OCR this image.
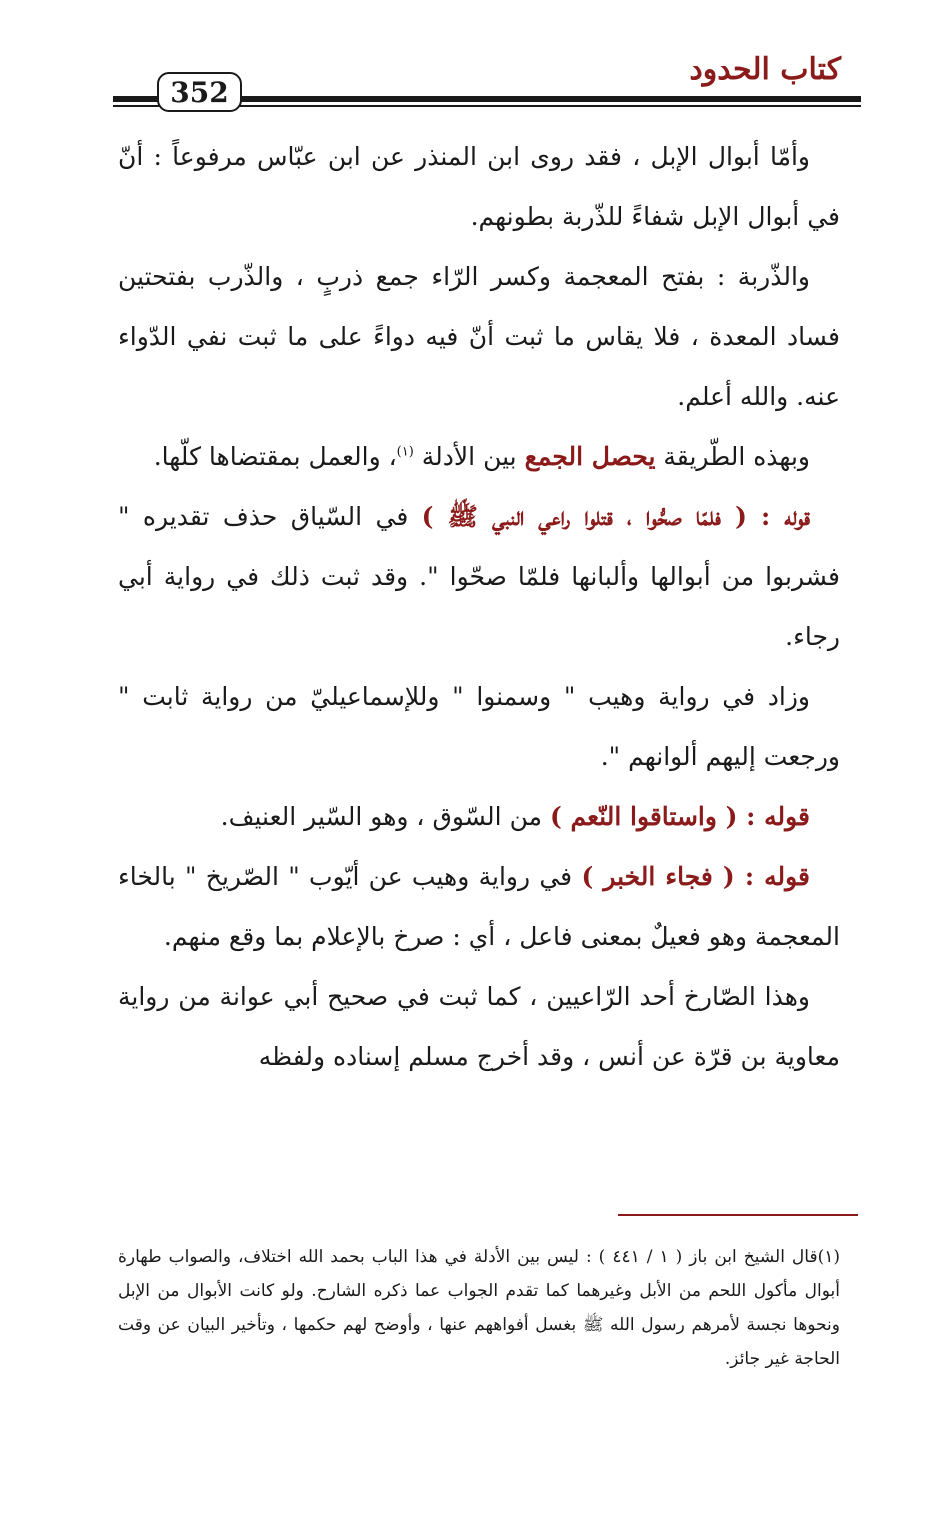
كتاب الحدود
352

وأمّا أبوال الإبل ، فقد روى ابن المنذر عن ابن عبّاس مرفوعاً : أنّ في أبوال الإبل شفاءً للذّربة بطونهم.

والذّربة : بفتح المعجمة وكسر الرّاء جمع ذربٍ ، والذّرب بفتحتين فساد المعدة ، فلا يقاس ما ثبت أنّ فيه دواءً على ما ثبت نفي الدّواء عنه. والله أعلم.

وبهذه الطّريقة يحصل الجمع بين الأدلة $^{(١)}$، والعمل بمقتضاها كلّها.

قوله : ( فلمّا صحُّوا ، قتلوا راعي النبي ﷺ ) في السّياق حذف تقديره " فشربوا من أبوالها وألبانها فلمّا صحّوا ". وقد ثبت ذلك في رواية أبي رجاء.

وزاد في رواية وهيب " وسمنوا " وللإسماعيليّ من رواية ثابت " ورجعت إليهم ألوانهم ".

قوله : ( واستاقوا النّعم ) من السّوق ، وهو السّير العنيف.

قوله : ( فجاء الخبر ) في رواية وهيب عن أيّوب " الصّريخ " بالخاء المعجمة وهو فعيلٌ بمعنى فاعل ، أي : صرخ بالإعلام بما وقع منهم.

وهذا الصّارخ أحد الرّاعيين ، كما ثبت في صحيح أبي عوانة من رواية معاوية بن قرّة عن أنس ، وقد أخرج مسلم إسناده ولفظه

(١)قال الشيخ ابن باز ( ١ / ٤٤١ ) : ليس بين الأدلة في هذا الباب بحمد الله اختلاف، والصواب طهارة أبوال مأكول اللحم من الأبل وغيرهما كما تقدم الجواب عما ذكره الشارح. ولو كانت الأبوال من الإبل ونحوها نجسة لأمرهم رسول الله ﷺ بغسل أفواههم عنها ، وأوضح لهم حكمها ، وتأخير البيان عن وقت الحاجة غير جائز.
